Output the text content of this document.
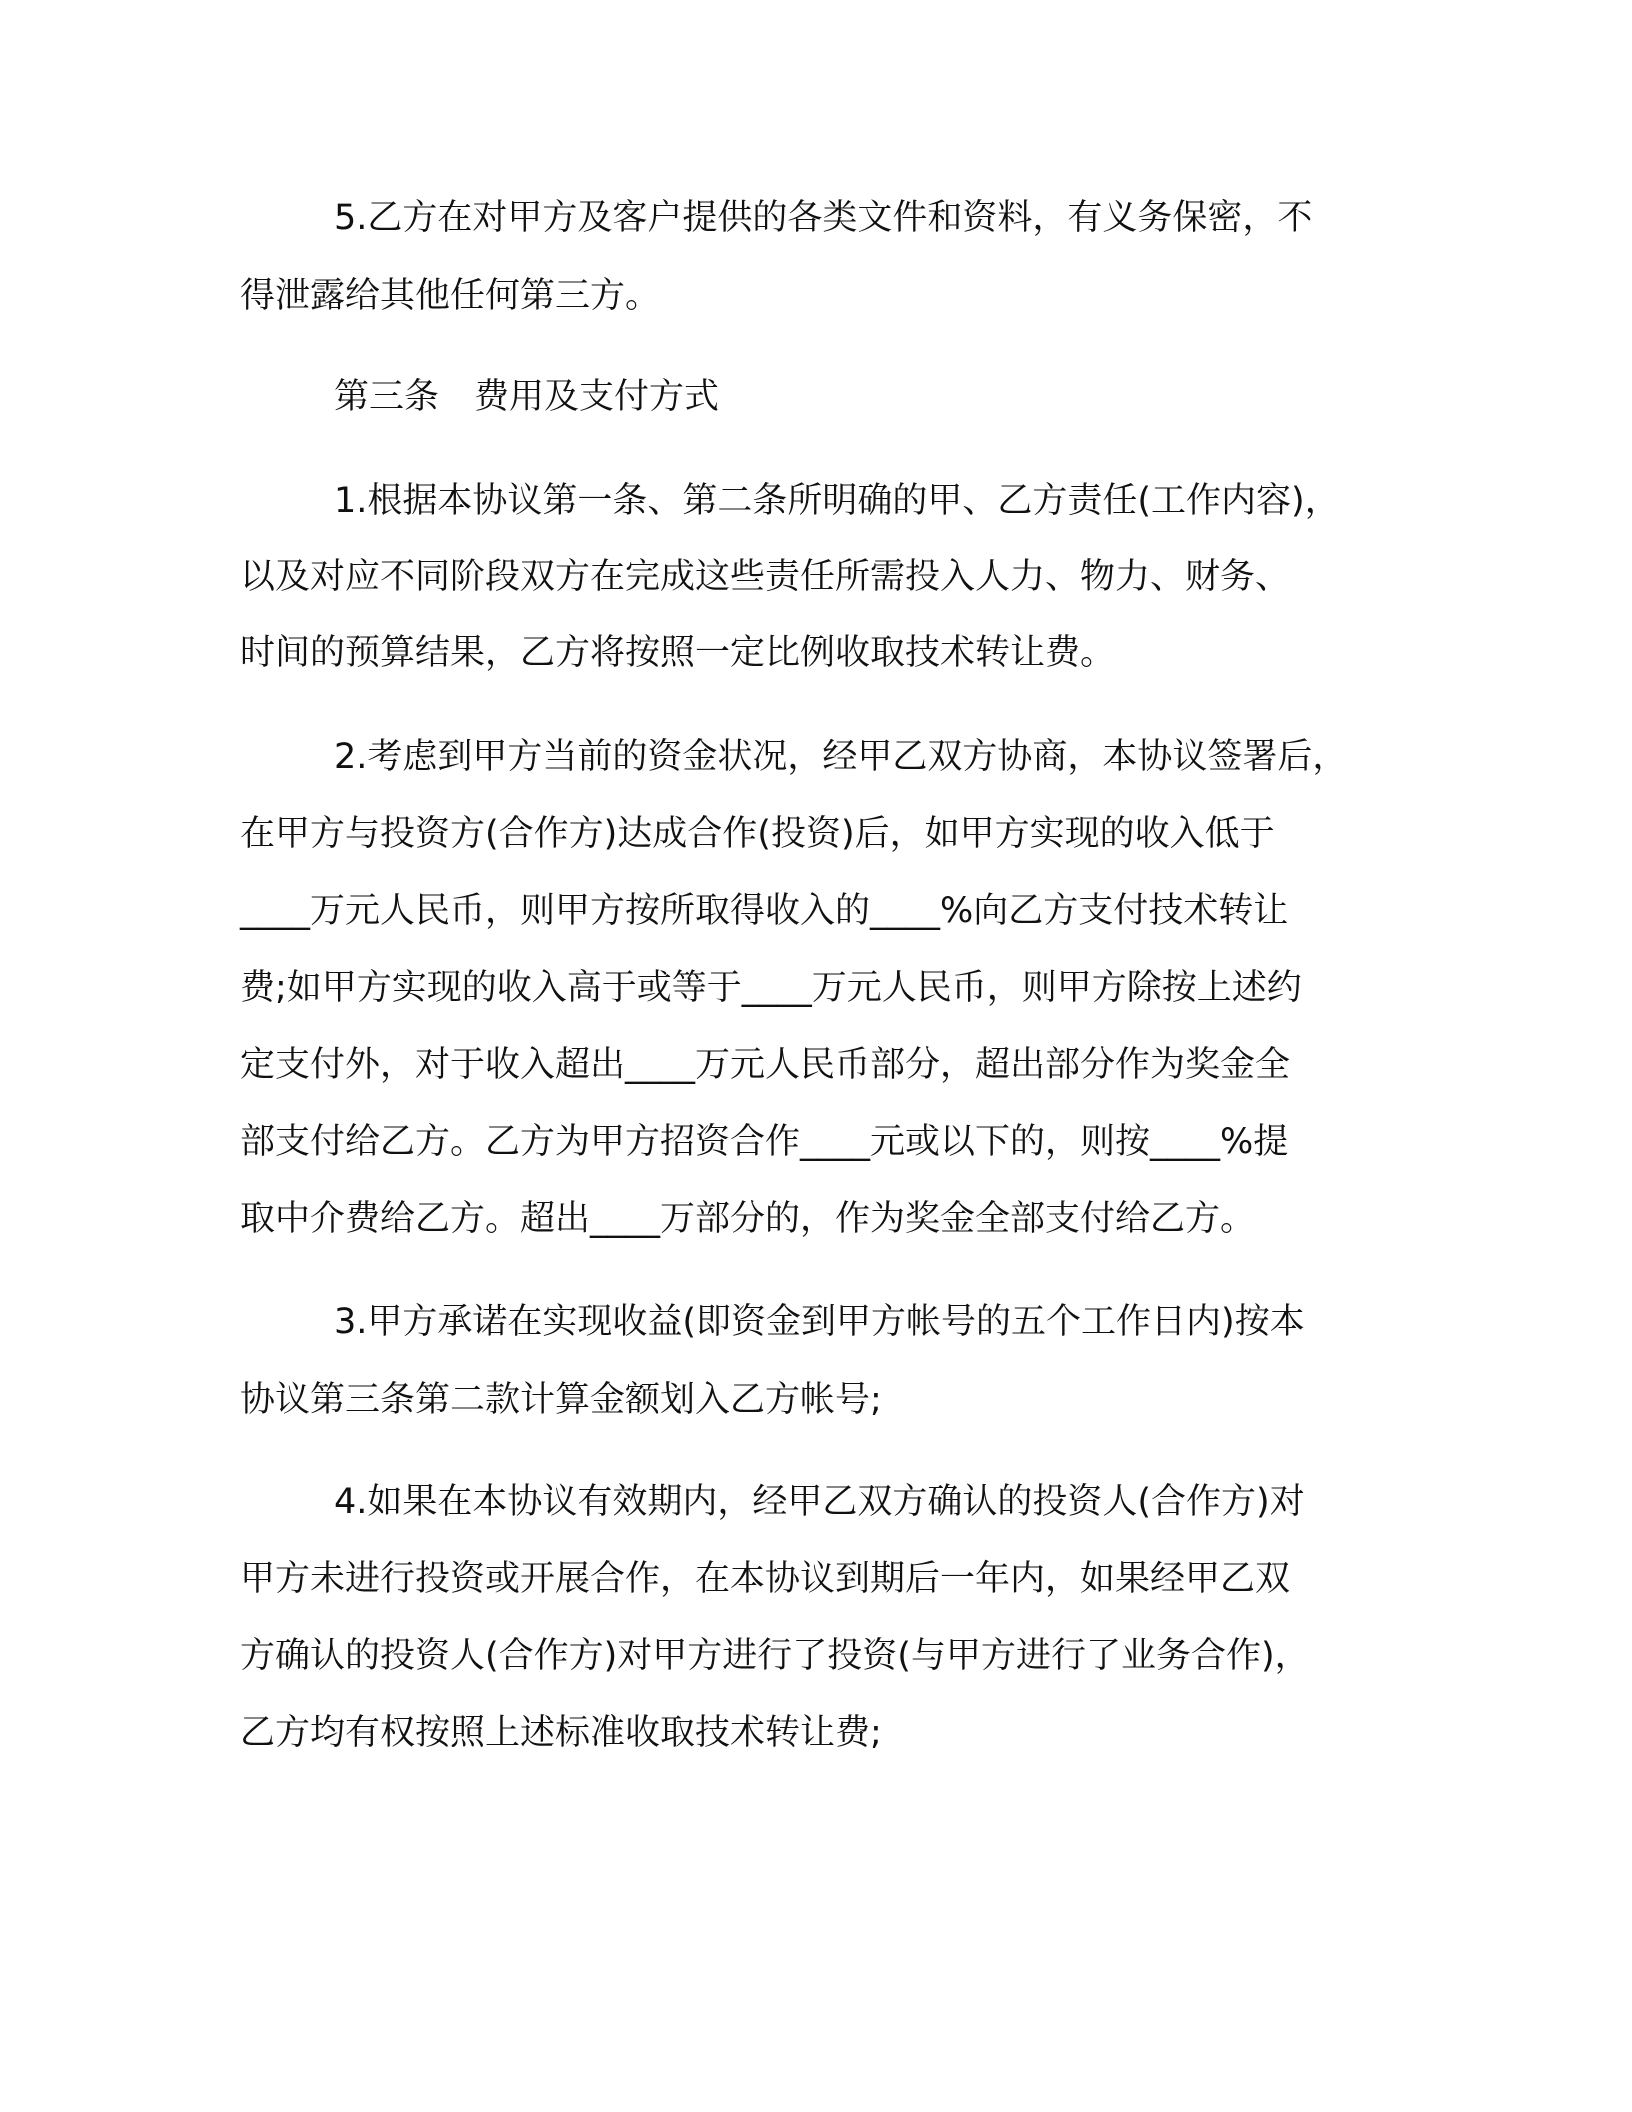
5.乙方在对甲方及客户提供的各类文件和资料，有义务保密，不

得泄露给其他任何第三方。

第三条　费用及支付方式

1.根据本协议第一条、第二条所明确的甲、乙方责任(工作内容)，

以及对应不同阶段双方在完成这些责任所需投入人力、物力、财务、

时间的预算结果，乙方将按照一定比例收取技术转让费。

2.考虑到甲方当前的资金状况，经甲乙双方协商，本协议签署后，

在甲方与投资方(合作方)达成合作(投资)后，如甲方实现的收入低于

____万元人民币，则甲方按所取得收入的____%向乙方支付技术转让

费;如甲方实现的收入高于或等于____万元人民币，则甲方除按上述约

定支付外，对于收入超出____万元人民币部分，超出部分作为奖金全

部支付给乙方。乙方为甲方招资合作____元或以下的，则按____%提

取中介费给乙方。超出____万部分的，作为奖金全部支付给乙方。

3.甲方承诺在实现收益(即资金到甲方帐号的五个工作日内)按本

协议第三条第二款计算金额划入乙方帐号;

4.如果在本协议有效期内，经甲乙双方确认的投资人(合作方)对

甲方未进行投资或开展合作，在本协议到期后一年内，如果经甲乙双

方确认的投资人(合作方)对甲方进行了投资(与甲方进行了业务合作)，

乙方均有权按照上述标准收取技术转让费;
